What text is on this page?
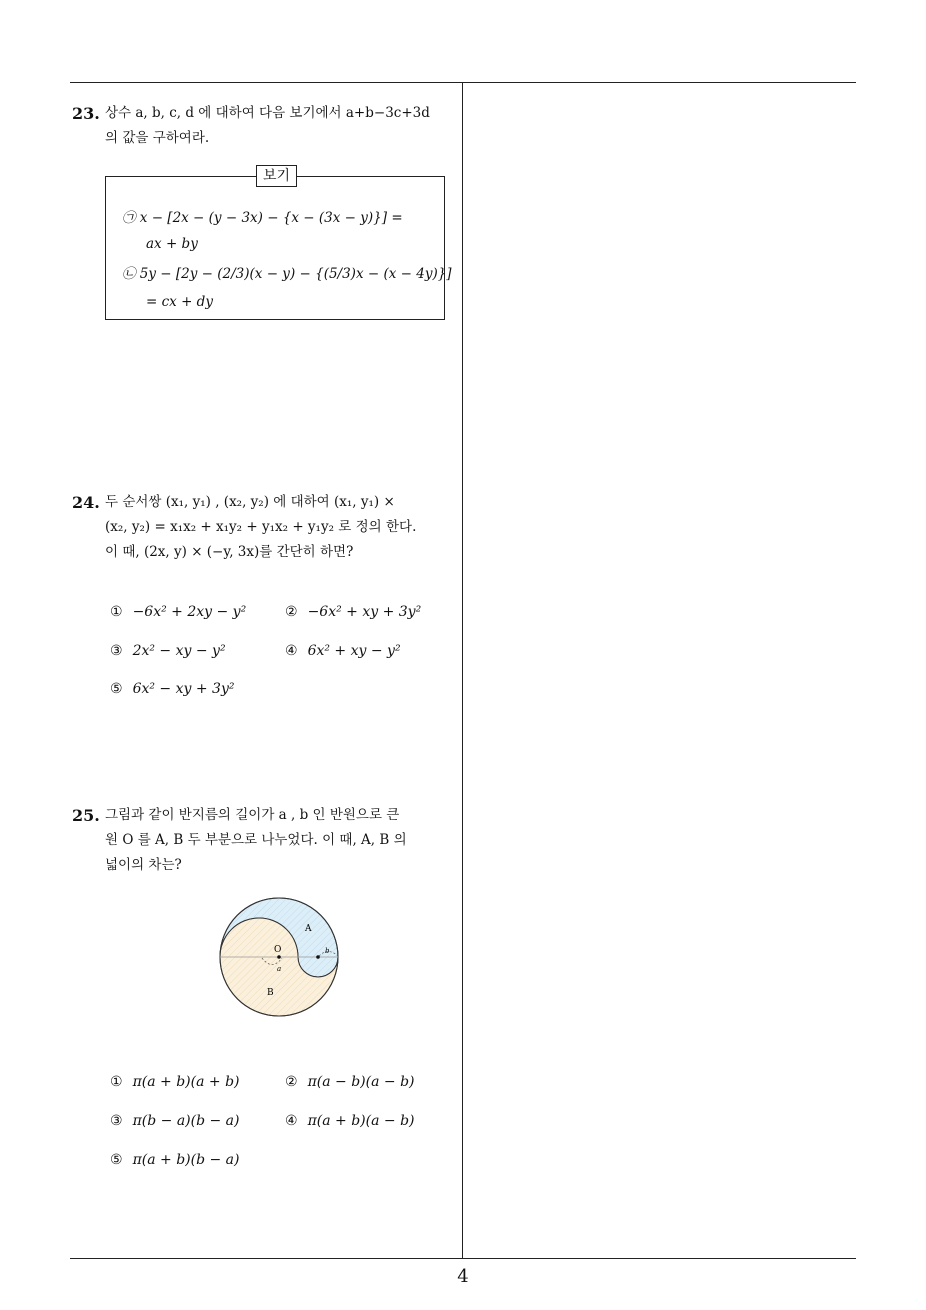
23. 상수 a, b, c, d 에 대하여 다음 보기에서 a+b−3c+3d
의 값을 구하여라.
보기
㉠ x − [2x − (y − 3x) − {x − (3x − y)}] =
ax + by
㉡ 5y − [2y − (2/3)(x − y) − {(5/3)x − (x − 4y)}]
= cx + dy
24. 두 순서쌍 (x₁, y₁) , (x₂, y₂) 에 대하여 (x₁, y₁) ×
(x₂, y₂) = x₁x₂ + x₁y₂ + y₁x₂ + y₁y₂ 로 정의 한다.
이 때, (2x, y) × (−y, 3x)를 간단히 하면?
① −6x² + 2xy − y²	② −6x² + xy + 3y²
③ 2x² − xy − y²	④ 6x² + xy − y²
⑤ 6x² − xy + 3y²
25. 그림과 같이 반지름의 길이가 a , b 인 반원으로 큰
원 O 를 A, B 두 부분으로 나누었다. 이 때, A, B 의
넓이의 차는?
O
A
B
a
b
① π(a + b)(a + b)	② π(a − b)(a − b)
③ π(b − a)(b − a)	④ π(a + b)(a − b)
⑤ π(a + b)(b − a)
4
